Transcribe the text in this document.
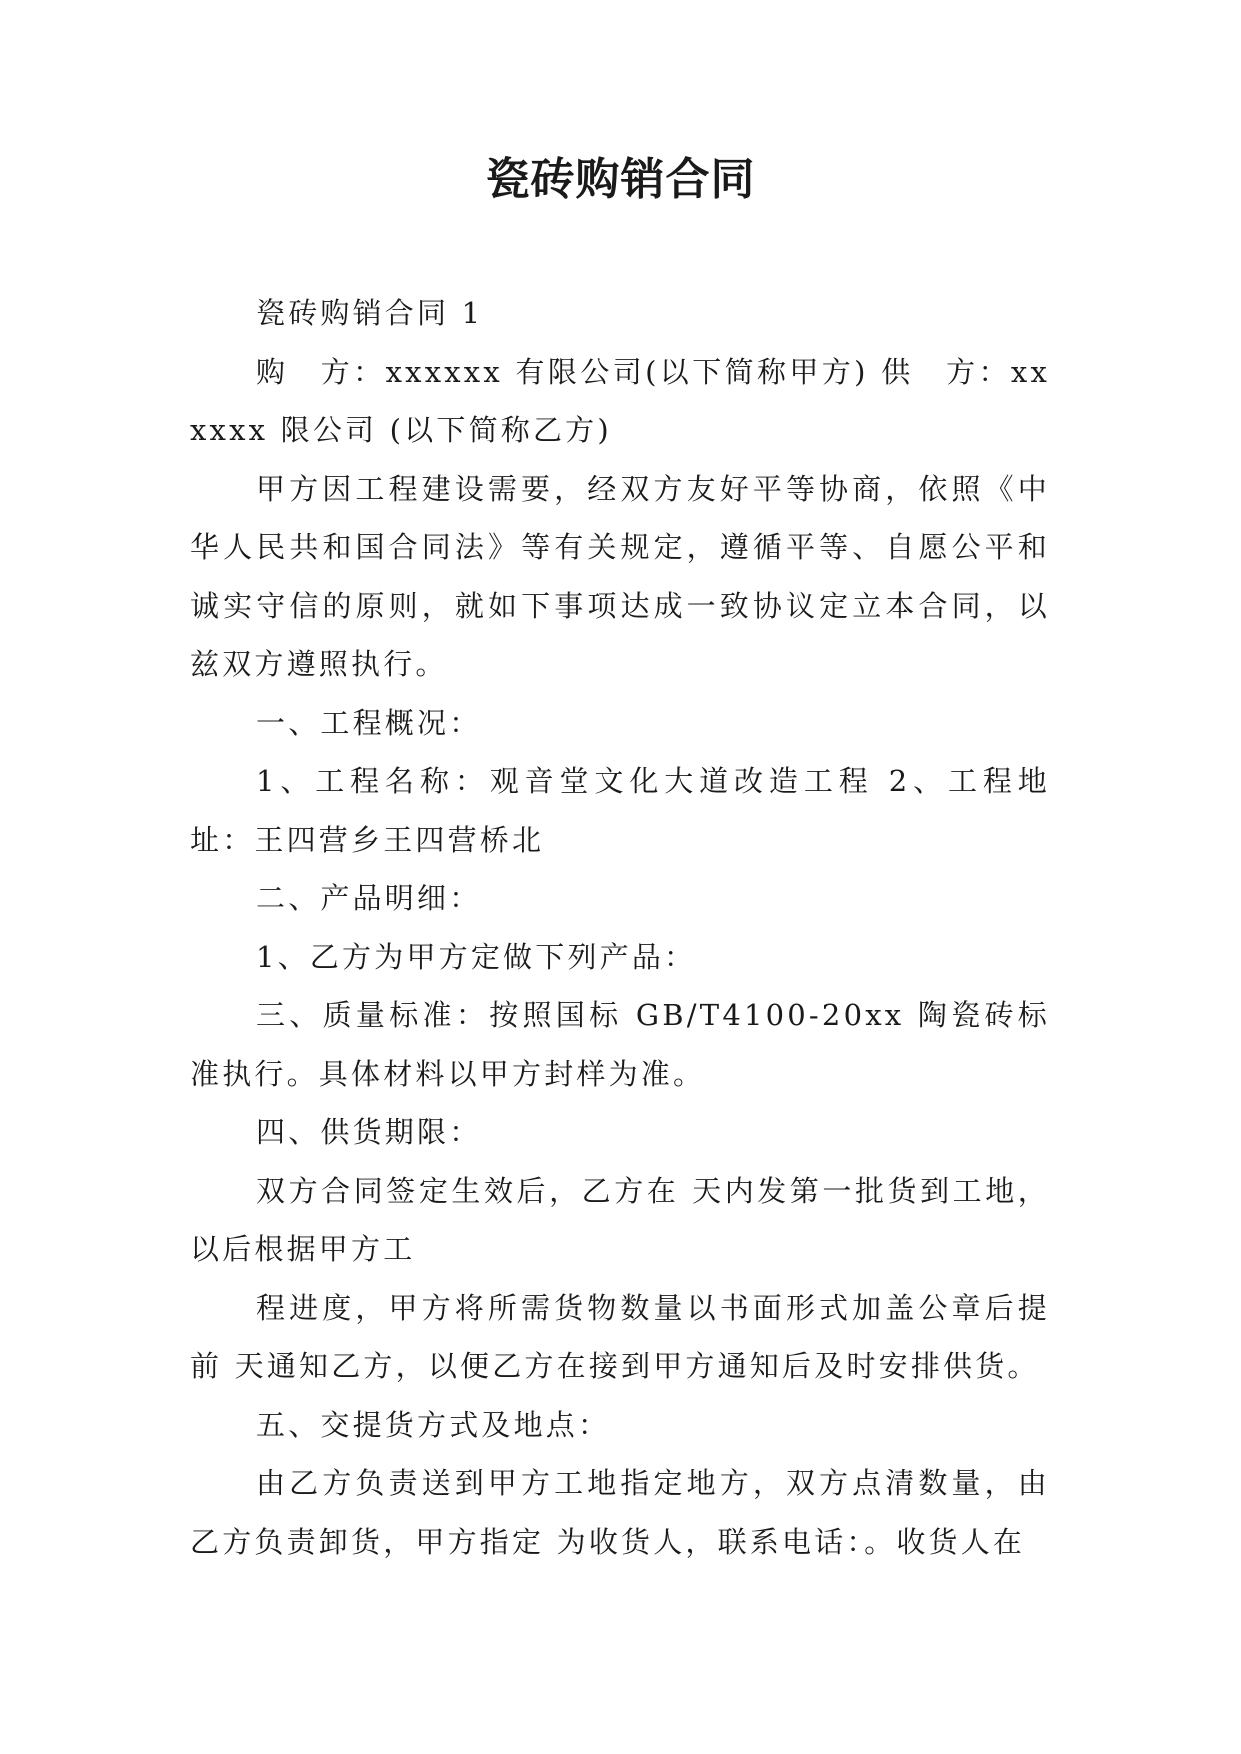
瓷砖购销合同

瓷砖购销合同 1

购　方：xxxxxx 有限公司(以下简称甲方) 供　方：xxxxxx 限公司 (以下简称乙方)

甲方因工程建设需要，经双方友好平等协商，依照《中华人民共和国合同法》等有关规定，遵循平等、自愿公平和诚实守信的原则，就如下事项达成一致协议定立本合同，以兹双方遵照执行。

一、工程概况：

1、工程名称：观音堂文化大道改造工程 2、工程地址：王四营乡王四营桥北

二、产品明细：

1、乙方为甲方定做下列产品：

三、质量标准：按照国标 GB/T4100-20xx 陶瓷砖标准执行。具体材料以甲方封样为准。

四、供货期限：

双方合同签定生效后，乙方在 天内发第一批货到工地，以后根据甲方工

程进度，甲方将所需货物数量以书面形式加盖公章后提前 天通知乙方，以便乙方在接到甲方通知后及时安排供货。

五、交提货方式及地点：

由乙方负责送到甲方工地指定地方，双方点清数量，由乙方负责卸货，甲方指定 为收货人，联系电话：。收货人在
